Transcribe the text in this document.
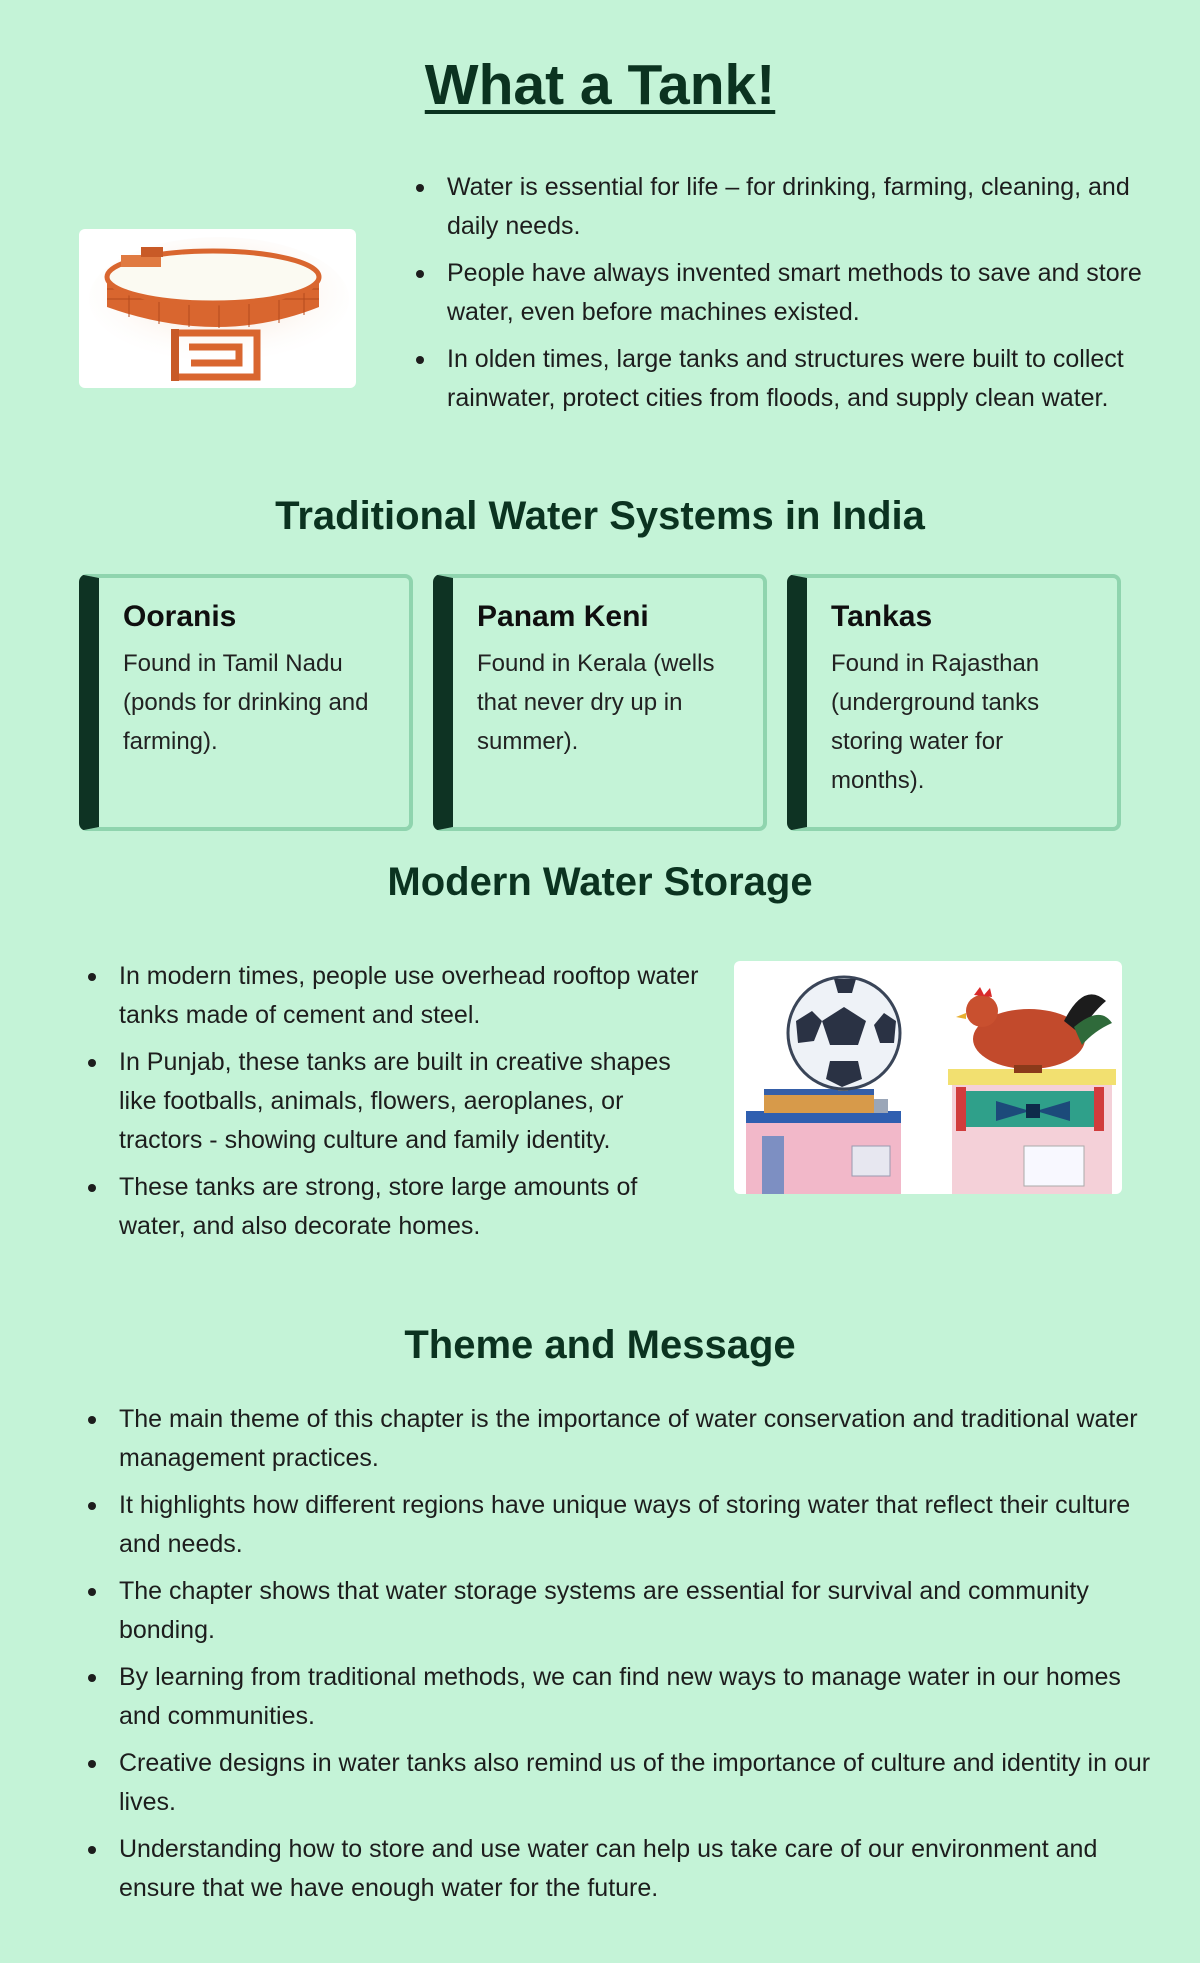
What a Tank!
Water is essential for life – for drinking, farming, cleaning, and daily needs.
People have always invented smart methods to save and store water, even before machines existed.
In olden times, large tanks and structures were built to collect rainwater, protect cities from floods, and supply clean water.
Traditional Water Systems in India
Ooranis
Found in Tamil Nadu (ponds for drinking and farming).
Panam Keni
Found in Kerala (wells that never dry up in summer).
Tankas
Found in Rajasthan (underground tanks storing water for months).
Modern Water Storage
In modern times, people use overhead rooftop water tanks made of cement and steel.
In Punjab, these tanks are built in creative shapes like footballs, animals, flowers, aeroplanes, or tractors - showing culture and family identity.
These tanks are strong, store large amounts of water, and also decorate homes.
Theme and Message
The main theme of this chapter is the importance of water conservation and traditional water management practices.
It highlights how different regions have unique ways of storing water that reflect their culture and needs.
The chapter shows that water storage systems are essential for survival and community bonding.
By learning from traditional methods, we can find new ways to manage water in our homes and communities.
Creative designs in water tanks also remind us of the importance of culture and identity in our lives.
Understanding how to store and use water can help us take care of our environment and ensure that we have enough water for the future.
